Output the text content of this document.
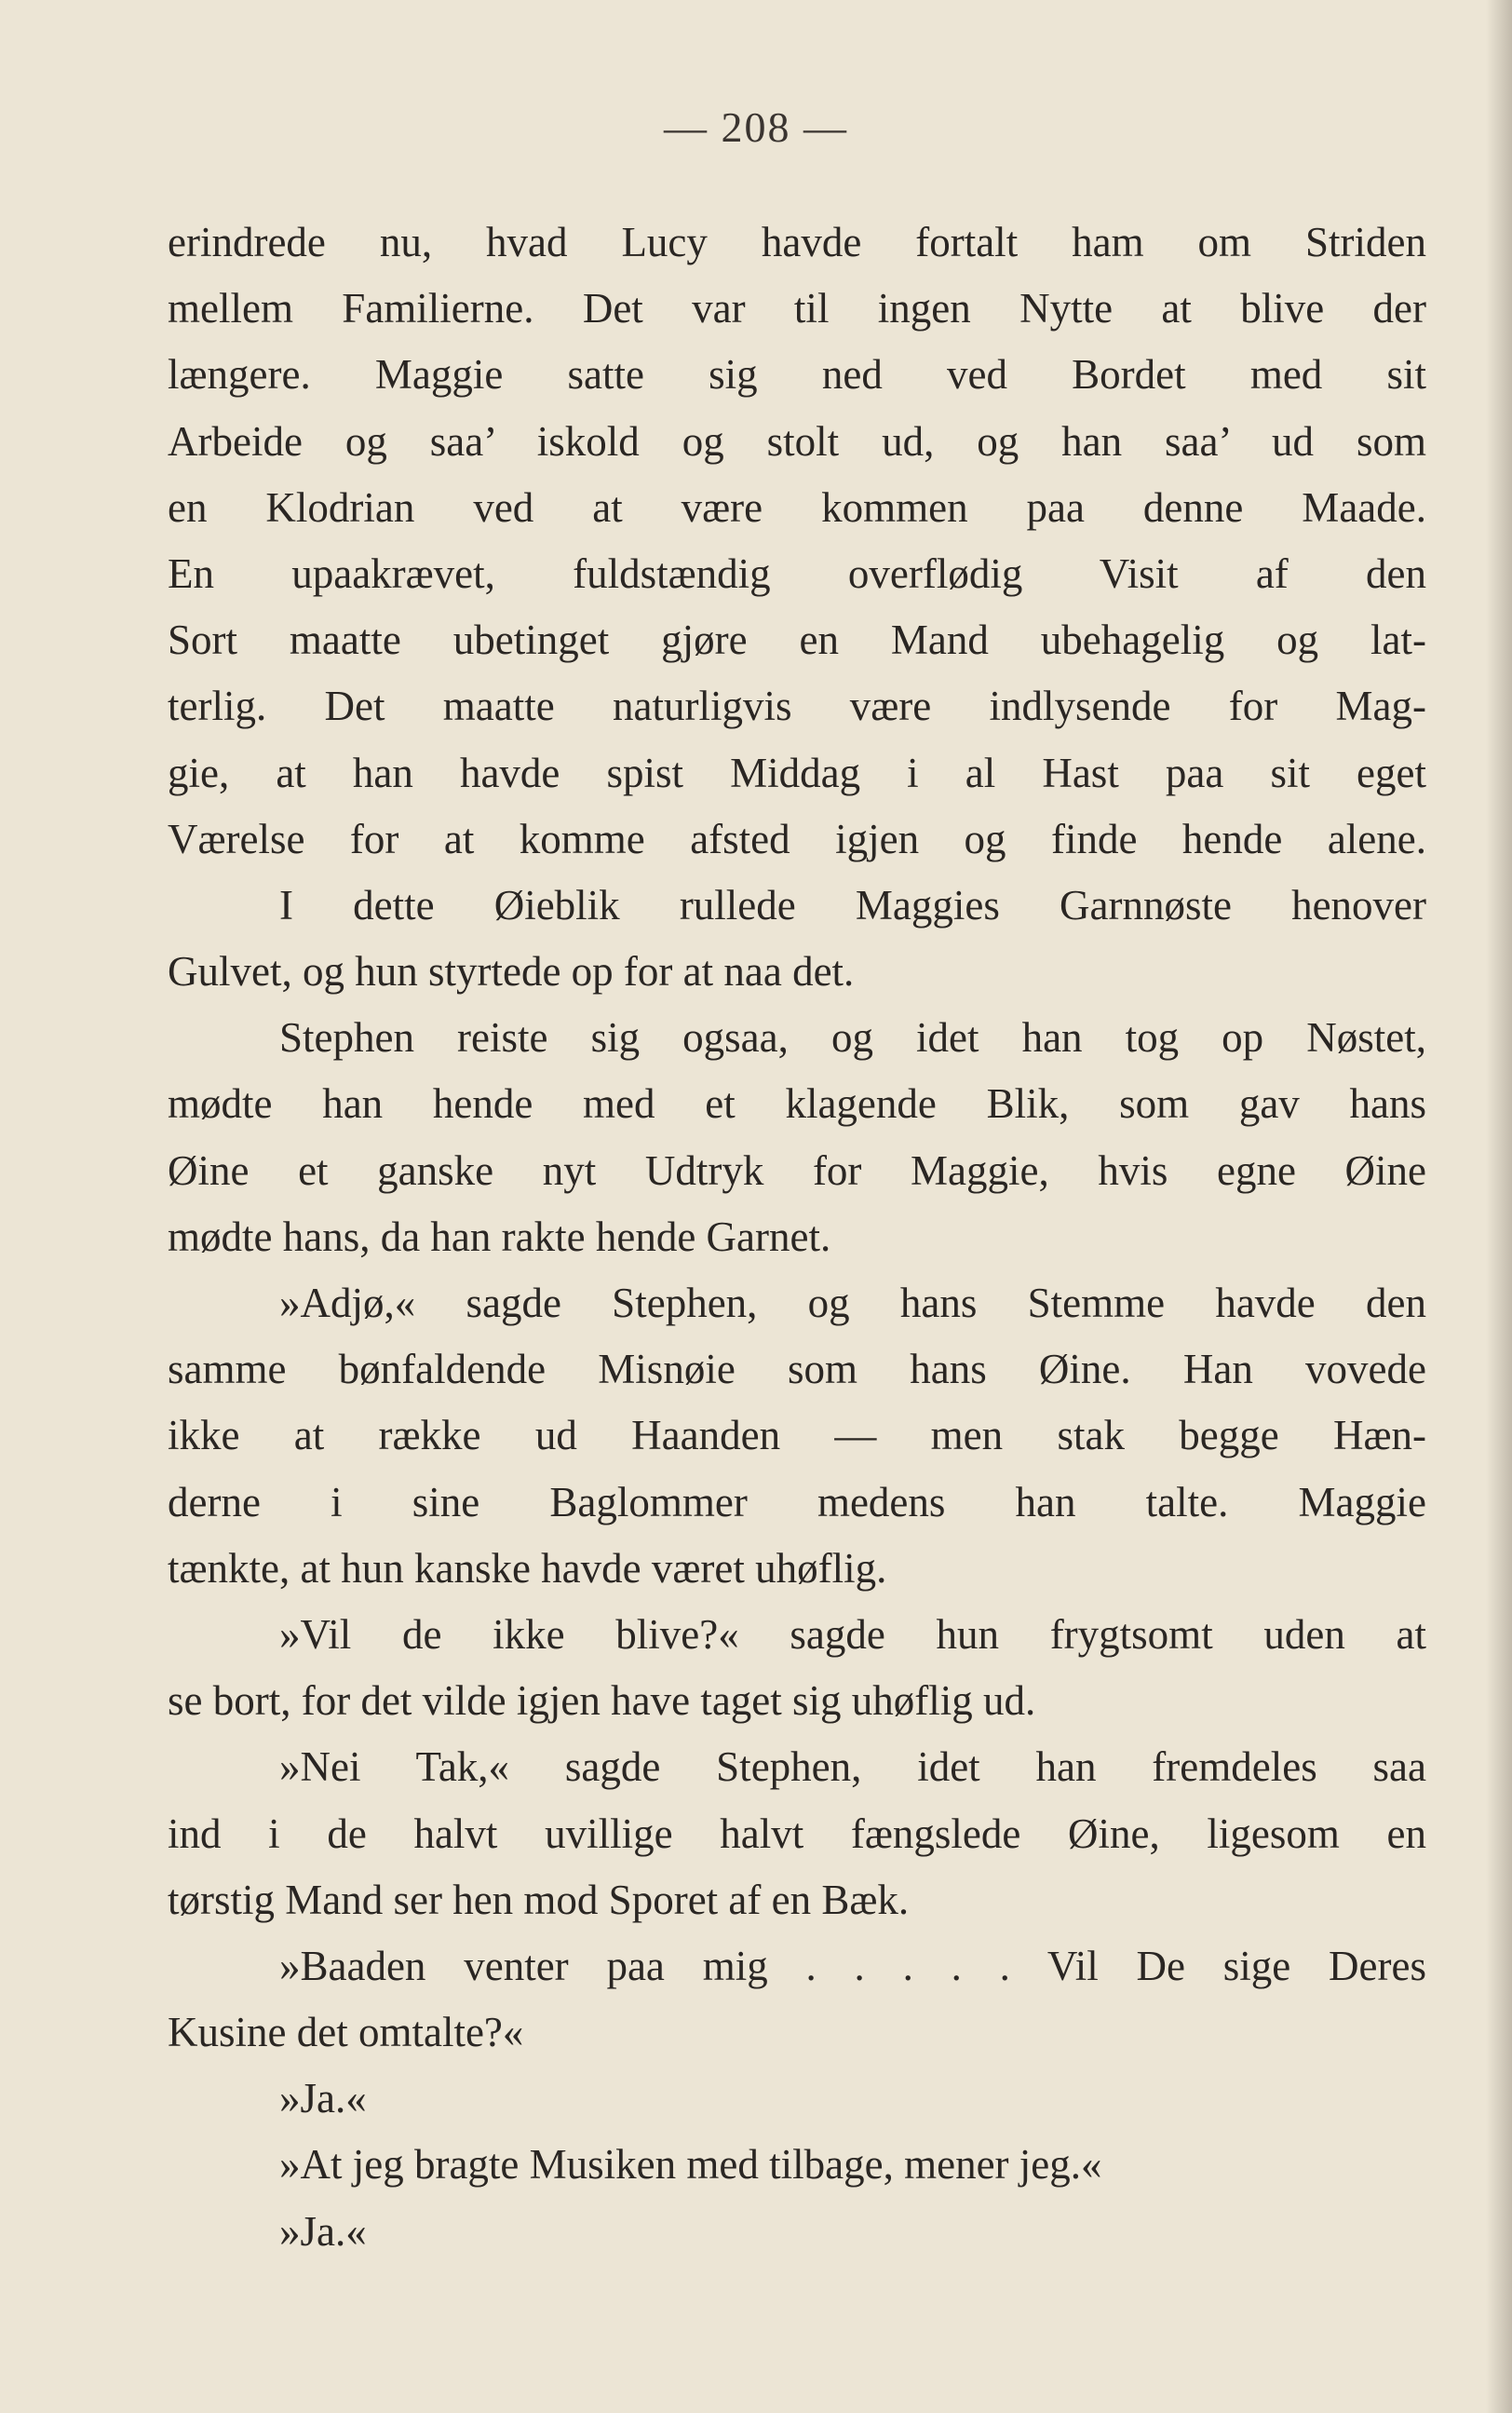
— 208 —
erindrede nu, hvad Lucy havde fortalt ham om Striden
mellem Familierne. Det var til ingen Nytte at blive der
længere. Maggie satte sig ned ved Bordet med sit
Arbeide og saa’ iskold og stolt ud, og han saa’ ud som
en Klodrian ved at være kommen paa denne Maade.
En upaakrævet, fuldstændig overflødig Visit af den
Sort maatte ubetinget gjøre en Mand ubehagelig og lat-
terlig. Det maatte naturligvis være indlysende for Mag-
gie, at han havde spist Middag i al Hast paa sit eget
Værelse for at komme afsted igjen og finde hende alene.
I dette Øieblik rullede Maggies Garnnøste henover
Gulvet, og hun styrtede op for at naa det.
Stephen reiste sig ogsaa, og idet han tog op Nøstet,
mødte han hende med et klagende Blik, som gav hans
Øine et ganske nyt Udtryk for Maggie, hvis egne Øine
mødte hans, da han rakte hende Garnet.
»Adjø,« sagde Stephen, og hans Stemme havde den
samme bønfaldende Misnøie som hans Øine. Han vovede
ikke at række ud Haanden — men stak begge Hæn-
derne i sine Baglommer medens han talte. Maggie
tænkte, at hun kanske havde været uhøflig.
»Vil de ikke blive?« sagde hun frygtsomt uden at
se bort, for det vilde igjen have taget sig uhøflig ud.
»Nei Tak,« sagde Stephen, idet han fremdeles saa
ind i de halvt uvillige halvt fængslede Øine, ligesom en
tørstig Mand ser hen mod Sporet af en Bæk.
»Baaden venter paa mig . . . . . Vil De sige Deres
Kusine det omtalte?«
»Ja.«
»At jeg bragte Musiken med tilbage, mener jeg.«
»Ja.«
